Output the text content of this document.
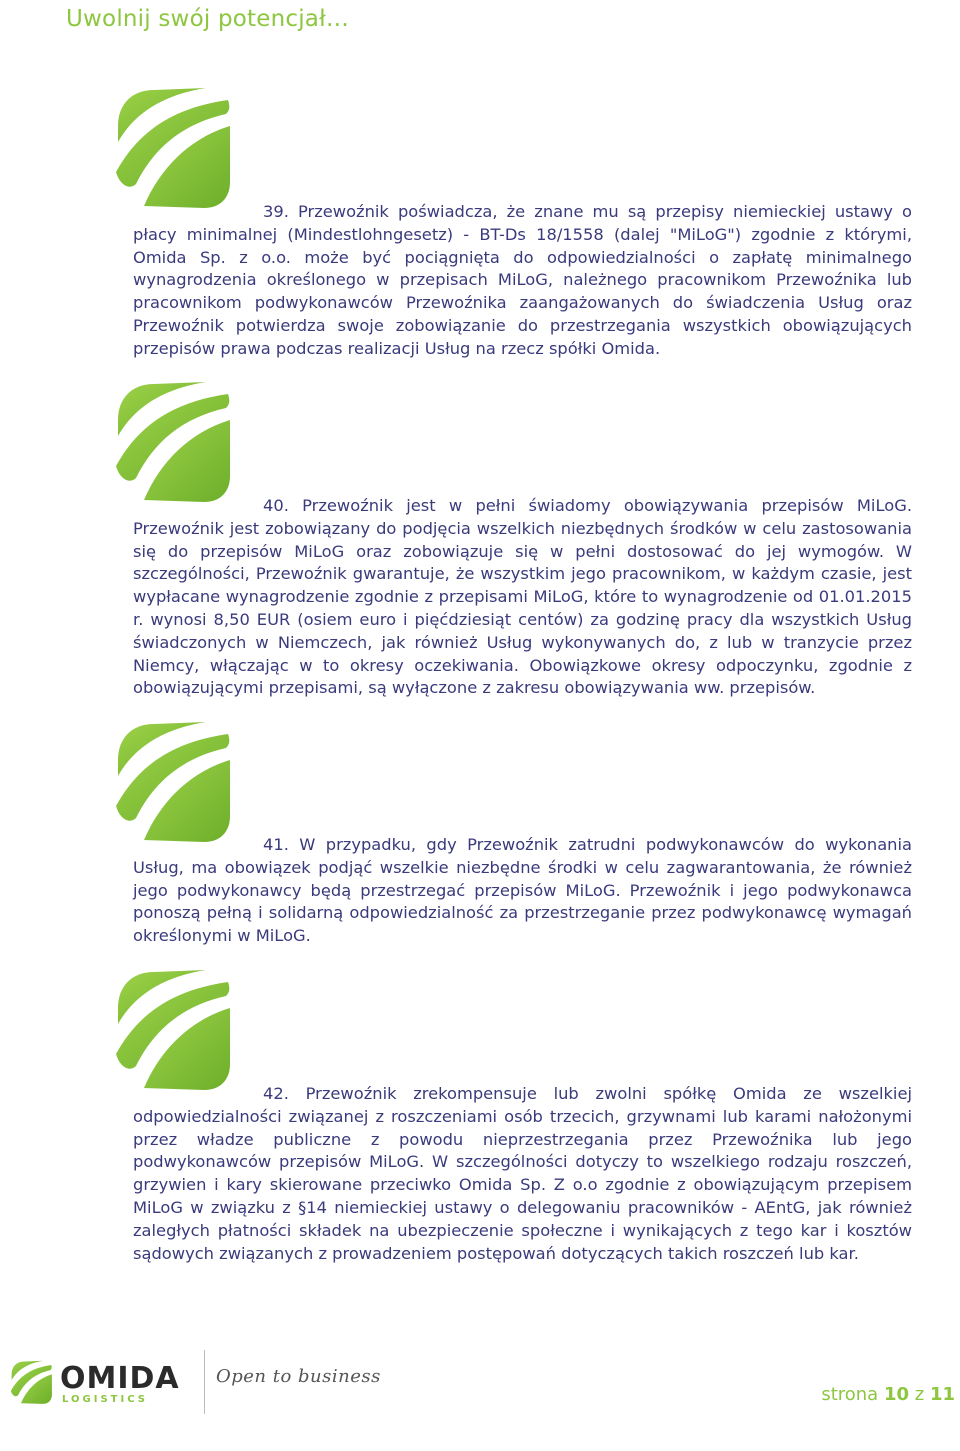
Uwolnij swój potencjał…

39. Przewoźnik poświadcza, że znane mu są przepisy niemieckiej ustawy o płacy minimalnej (Mindestlohngesetz) - BT-Ds 18/1558 (dalej "MiLoG") zgodnie z którymi, Omida Sp. z o.o. może być pociągnięta do odpowiedzialności o zapłatę minimalnego wynagrodzenia określonego w przepisach MiLoG, należnego pracownikom Przewoźnika lub pracownikom podwykonawców Przewoźnika zaangażowanych do świadczenia Usług oraz Przewoźnik potwierdza swoje zobowiązanie do przestrzegania wszystkich obowiązujących przepisów prawa podczas realizacji Usług na rzecz spółki Omida.

40. Przewoźnik jest w pełni świadomy obowiązywania przepisów MiLoG. Przewoźnik jest zobowiązany do podjęcia wszelkich niezbędnych środków w celu zastosowania się do przepisów MiLoG oraz zobowiązuje się w pełni dostosować do jej wymogów. W szczególności, Przewoźnik gwarantuje, że wszystkim jego pracownikom, w każdym czasie, jest wypłacane wynagrodzenie zgodnie z przepisami MiLoG, które to wynagrodzenie od 01.01.2015 r. wynosi 8,50 EUR (osiem euro i pięćdziesiąt centów) za godzinę pracy dla wszystkich Usług świadczonych w Niemczech, jak również Usług wykonywanych do, z lub w tranzycie przez Niemcy, włączając w to okresy oczekiwania. Obowiązkowe okresy odpoczynku, zgodnie z obowiązującymi przepisami, są wyłączone z zakresu obowiązywania ww. przepisów.

41. W przypadku, gdy Przewoźnik zatrudni podwykonawców do wykonania Usług, ma obowiązek podjąć wszelkie niezbędne środki w celu zagwarantowania, że również jego podwykonawcy będą przestrzegać przepisów MiLoG. Przewoźnik i jego podwykonawca ponoszą pełną i solidarną odpowiedzialność za przestrzeganie przez podwykonawcę wymagań określonymi w MiLoG.

42. Przewoźnik zrekompensuje lub zwolni spółkę Omida ze wszelkiej odpowiedzialności związanej z roszczeniami osób trzecich, grzywnami lub karami nałożonymi przez władze publiczne z powodu nieprzestrzegania przez Przewoźnika lub jego podwykonawców przepisów MiLoG. W szczególności dotyczy to wszelkiego rodzaju roszczeń, grzywien i kary skierowane przeciwko Omida Sp. Z o.o zgodnie z obowiązującym przepisem MiLoG w związku z §14 niemieckiej ustawy o delegowaniu pracowników - AEntG, jak również zaległych płatności składek na ubezpieczenie społeczne i wynikających z tego kar i kosztów sądowych związanych z prowadzeniem postępowań dotyczących takich roszczeń lub kar.

OMIDA
LOGISTICS
Open to business
strona 10 z 11
